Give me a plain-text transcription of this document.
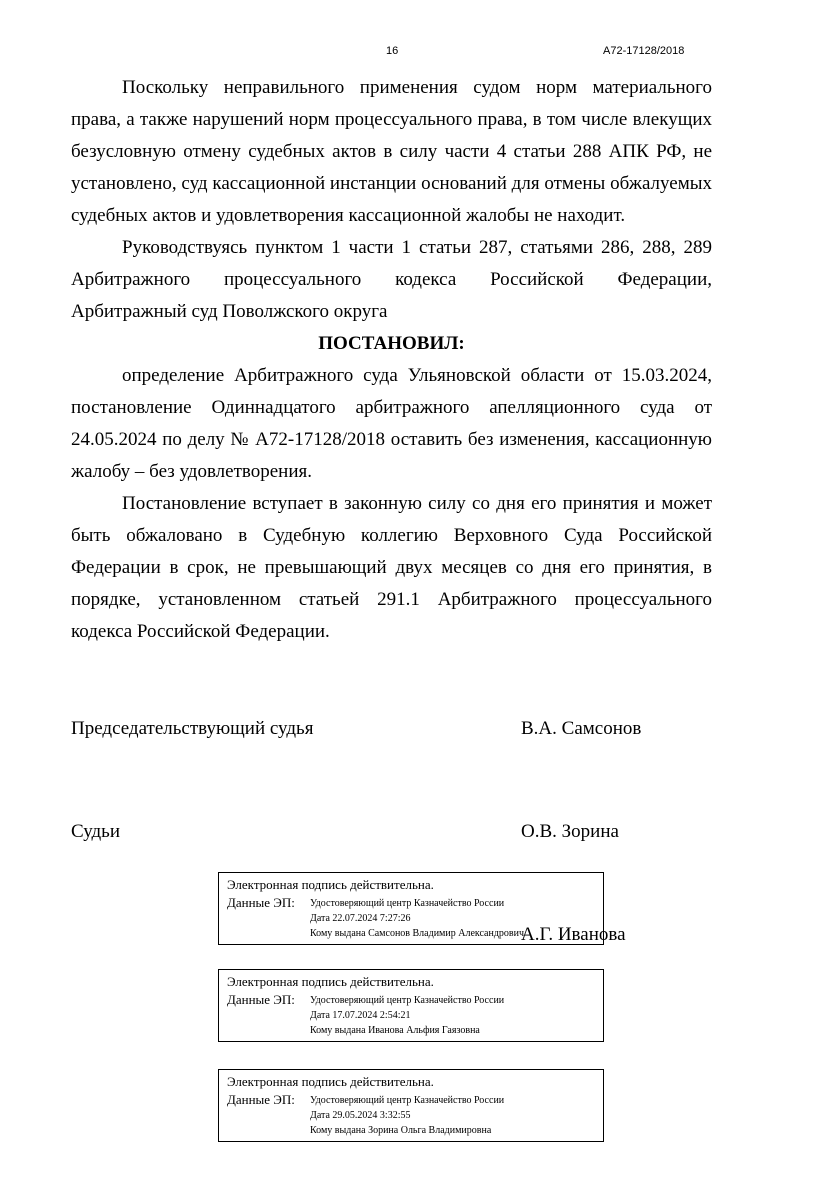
16	А72-17128/2018

Поскольку неправильного применения судом норм материального права, а также нарушений норм процессуального права, в том числе влекущих безусловную отмену судебных актов в силу части 4 статьи 288 АПК РФ, не установлено, суд кассационной инстанции оснований для отмены обжалуемых судебных актов и удовлетворения кассационной жалобы не находит.

Руководствуясь пунктом 1 части 1 статьи 287, статьями 286, 288, 289 Арбитражного процессуального кодекса Российской Федерации, Арбитражный суд Поволжского округа

ПОСТАНОВИЛ:

определение Арбитражного суда Ульяновской области от 15.03.2024, постановление Одиннадцатого арбитражного апелляционного суда от 24.05.2024 по делу № А72-17128/2018 оставить без изменения, кассационную жалобу – без удовлетворения.

Постановление вступает в законную силу со дня его принятия и может быть обжаловано в Судебную коллегию Верховного Суда Российской Федерации в срок, не превышающий двух месяцев со дня его принятия, в порядке, установленном статьей 291.1 Арбитражного процессуального кодекса Российской Федерации.

Председательствующий судья	В.А. Самсонов
Судьи	О.В. Зорина
А.Г. Иванова
Электронная подпись действительна.
Данные ЭП: Удостоверяющий центр Казначейство России
Дата 22.07.2024 7:27:26
Кому выдана Самсонов Владимир Александрович
Электронная подпись действительна.
Данные ЭП: Удостоверяющий центр Казначейство России
Дата 17.07.2024 2:54:21
Кому выдана Иванова Альфия Гаязовна
Электронная подпись действительна.
Данные ЭП: Удостоверяющий центр Казначейство России
Дата 29.05.2024 3:32:55
Кому выдана Зорина Ольга Владимировна
